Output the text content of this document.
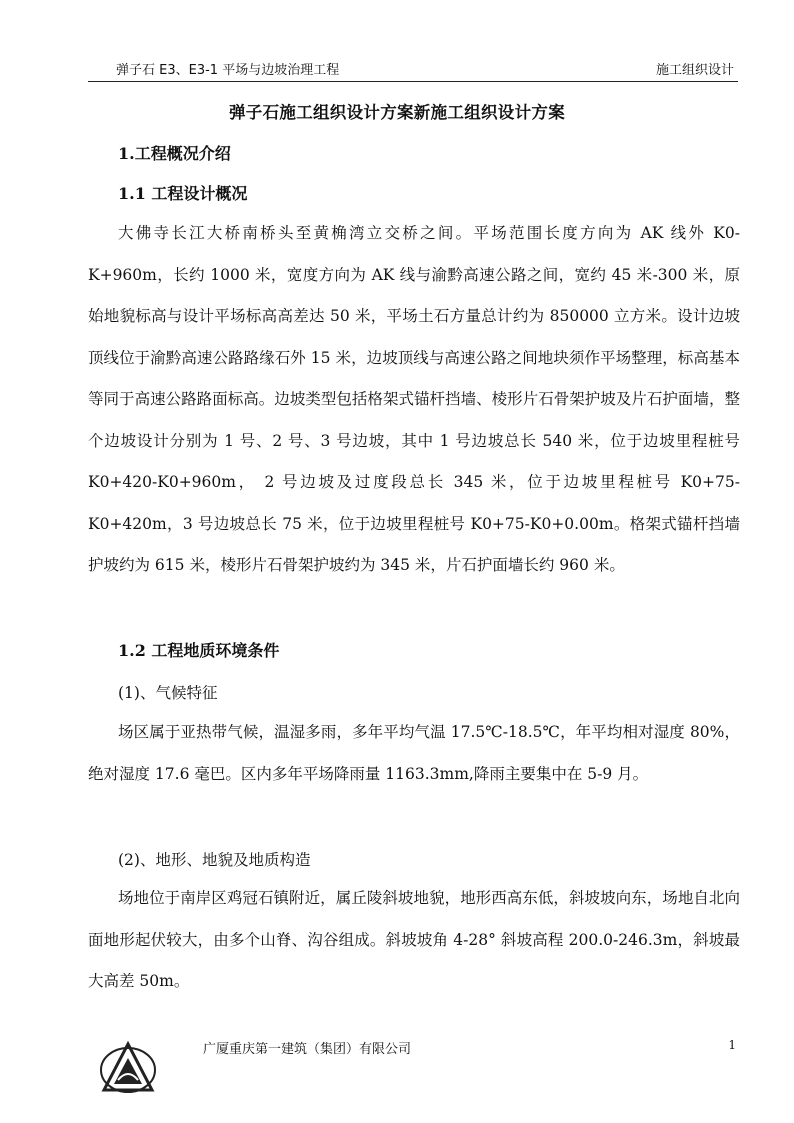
弹子石 E3、E3-1 平场与边坡治理工程	施工组织设计
弹子石施工组织设计方案新施工组织设计方案
1.工程概况介绍
1.1 工程设计概况

大佛寺长江大桥南桥头至黄桷湾立交桥之间。平场范围长度方向为 AK 线外 K0-K+960m，长约 1000 米，宽度方向为 AK 线与渝黔高速公路之间，宽约 45 米-300 米，原始地貌标高与设计平场标高高差达 50 米，平场土石方量总计约为 850000 立方米。设计边坡顶线位于渝黔高速公路路缘石外 15 米，边坡顶线与高速公路之间地块须作平场整理，标高基本等同于高速公路路面标高。边坡类型包括格架式锚杆挡墙、棱形片石骨架护坡及片石护面墙，整个边坡设计分别为 1 号、2 号、3 号边坡，其中 1 号边坡总长 540 米，位于边坡里程桩号 K0+420-K0+960m， 2 号边坡及过度段总长 345 米，位于边坡里程桩号 K0+75-K0+420m，3 号边坡总长 75 米，位于边坡里程桩号 K0+75-K0+0.00m。格架式锚杆挡墙护坡约为 615 米，棱形片石骨架护坡约为 345 米，片石护面墙长约 960 米。

1.2 工程地质环境条件
(1)、气候特征

场区属于亚热带气候，温湿多雨，多年平均气温 17.5℃-18.5℃，年平均相对湿度 80%，绝对湿度 17.6 毫巴。区内多年平场降雨量 1163.3mm,降雨主要集中在 5-9 月。

(2)、地形、地貌及地质构造

场地位于南岸区鸡冠石镇附近，属丘陵斜坡地貌，地形西高东低，斜坡坡向东，场地自北向面地形起伏较大，由多个山脊、沟谷组成。斜坡坡角 4-28° 斜坡高程 200.0-246.3m，斜坡最大高差 50m。

广厦重庆第一建筑（集团）有限公司	1
